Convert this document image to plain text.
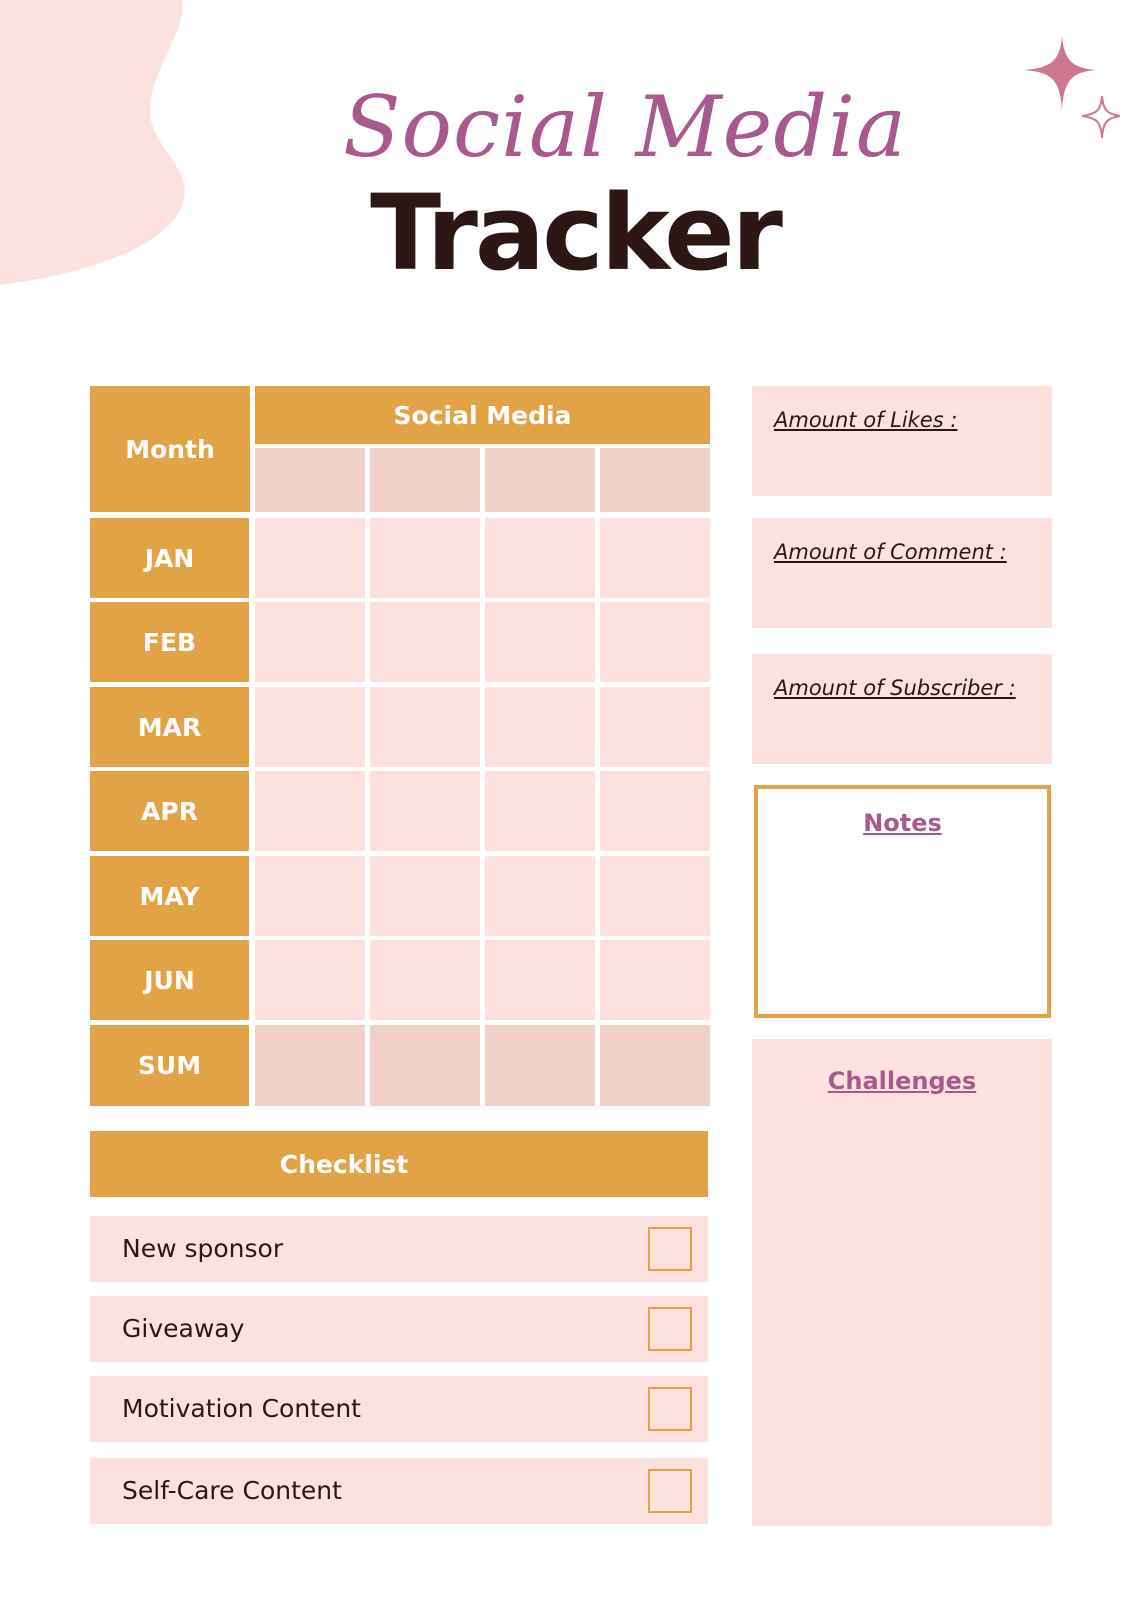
Social Media
Tracker
Month
Social Media
JAN
FEB
MAR
APR
MAY
JUN
SUM

Amount of Likes :

Amount of Comment :

Amount of Subscriber :

Notes

Challenges

Checklist
New sponsor
Giveaway
Motivation Content
Self-Care Content
